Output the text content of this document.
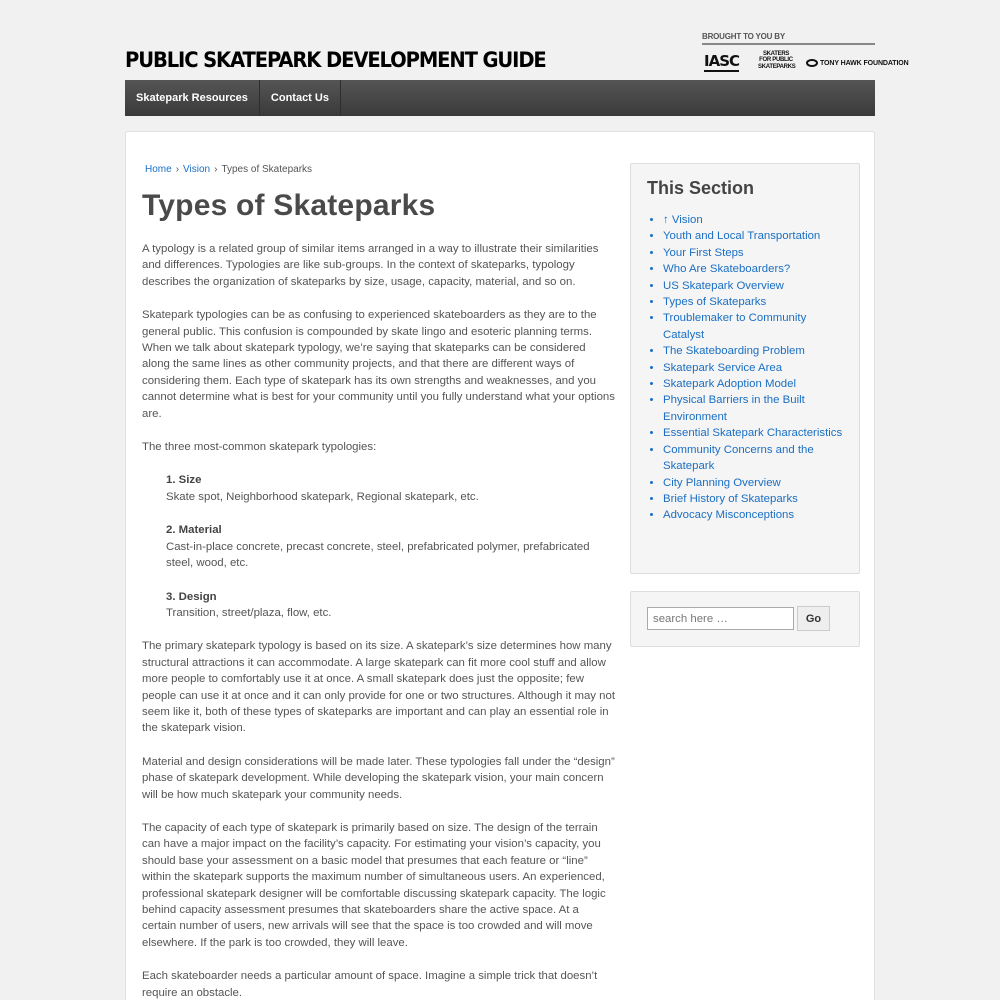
PUBLIC SKATEPARK DEVELOPMENT GUIDE
BROUGHT TO YOU BY
IASC	SKATERS FOR PUBLIC SKATEPARKS
TONY HAWK FOUNDATION
Skatepark Resources	Contact Us
Home › Vision › Types of Skateparks
Types of Skateparks

A typology is a related group of similar items arranged in a way to illustrate their similarities and differences. Typologies are like sub-groups. In the context of skateparks, typology describes the organization of skateparks by size, usage, capacity, material, and so on.

Skatepark typologies can be as confusing to experienced skateboarders as they are to the general public. This confusion is compounded by skate lingo and esoteric planning terms. When we talk about skatepark typology, we’re saying that skateparks can be considered along the same lines as other community projects, and that there are different ways of considering them. Each type of skatepark has its own strengths and weaknesses, and you cannot determine what is best for your community until you fully understand what your options are.

The three most-common skatepark typologies:

1. Size
Skate spot, Neighborhood skatepark, Regional skatepark, etc.
2. Material
Cast-in-place concrete, precast concrete, steel, prefabricated polymer, prefabricated steel, wood, etc.
3. Design
Transition, street/plaza, flow, etc.

The primary skatepark typology is based on its size. A skatepark’s size determines how many structural attractions it can accommodate. A large skatepark can fit more cool stuff and allow more people to comfortably use it at once. A small skatepark does just the opposite; few people can use it at once and it can only provide for one or two structures. Although it may not seem like it, both of these types of skateparks are important and can play an essential role in the skatepark vision.

Material and design considerations will be made later. These typologies fall under the “design” phase of skatepark development. While developing the skatepark vision, your main concern will be how much skatepark your community needs.

The capacity of each type of skatepark is primarily based on size. The design of the terrain can have a major impact on the facility’s capacity. For estimating your vision’s capacity, you should base your assessment on a basic model that presumes that each feature or “line” within the skatepark supports the maximum number of simultaneous users. An experienced, professional skatepark designer will be comfortable discussing skatepark capacity. The logic behind capacity assessment presumes that skateboarders share the active space. At a certain number of users, new arrivals will see that the space is too crowded and will move elsewhere. If the park is too crowded, they will leave.

Each skateboarder needs a particular amount of space. Imagine a simple trick that doesn’t require an obstacle.

This Section
• ↑ Vision
• Youth and Local Transportation
• Your First Steps
• Who Are Skateboarders?
• US Skatepark Overview
• Types of Skateparks
• Troublemaker to Community Catalyst
• The Skateboarding Problem
• Skatepark Service Area
• Skatepark Adoption Model
• Physical Barriers in the Built Environment
• Essential Skatepark Characteristics
• Community Concerns and the Skatepark
• City Planning Overview
• Brief History of Skateparks
• Advocacy Misconceptions
search here …
Go
